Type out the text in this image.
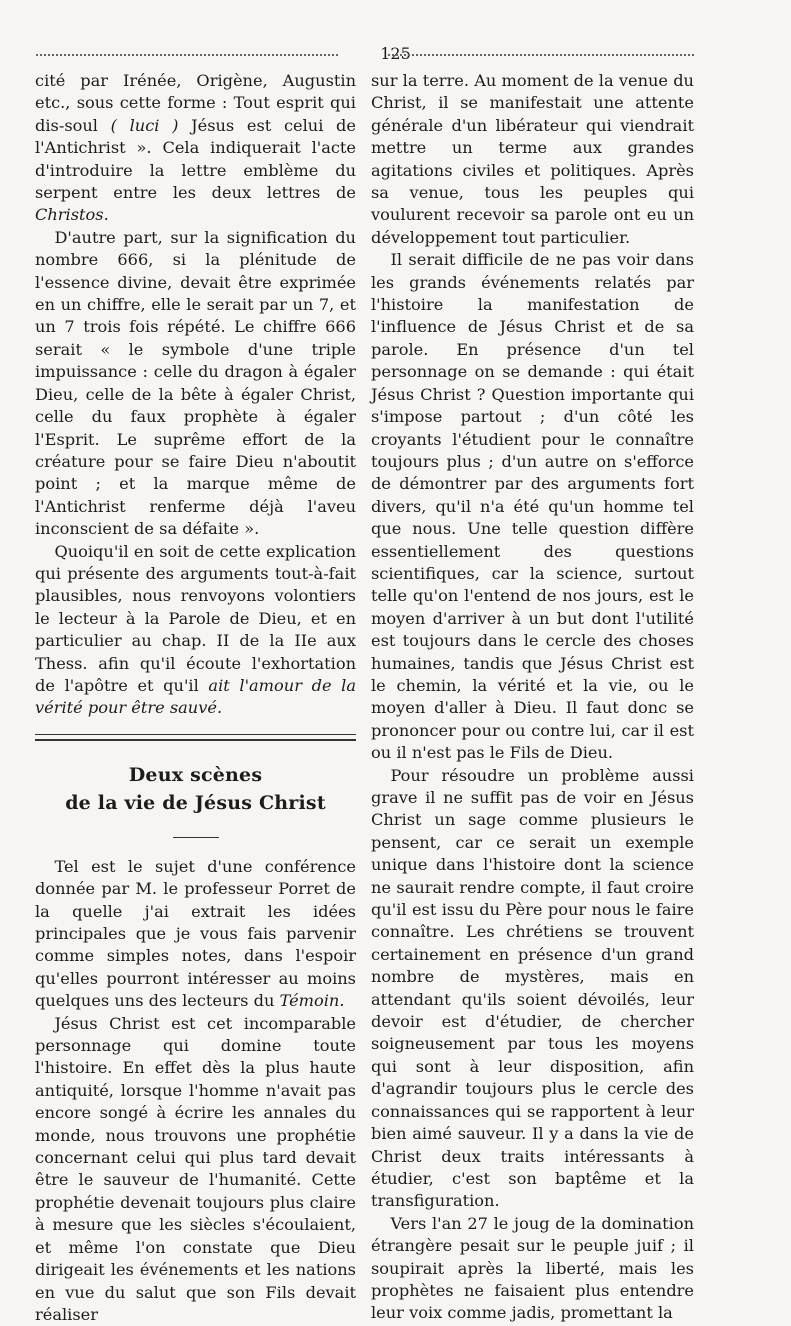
125

cité par Irénée, Origène, Augustin etc., sous cette forme : Tout esprit qui dis-soul ( luci ) Jésus est celui de l'Antichrist ». Cela indiquerait l'acte d'introduire la lettre emblème du serpent entre les deux lettres de Christos.

D'autre part, sur la signification du nombre 666, si la plénitude de l'essence divine, devait être exprimée en un chiffre, elle le serait par un 7, et un 7 trois fois répété. Le chiffre 666 serait « le symbole d'une triple impuissance : celle du dragon à égaler Dieu, celle de la bête à égaler Christ, celle du faux prophète à égaler l'Esprit. Le suprême effort de la créature pour se faire Dieu n'aboutit point ; et la marque même de l'Antichrist renferme déjà l'aveu inconscient de sa défaite ».

Quoiqu'il en soit de cette explication qui présente des arguments tout-à-fait plausibles, nous renvoyons volontiers le lecteur à la Parole de Dieu, et en particulier au chap. II de la IIe aux Thess. afin qu'il écoute l'exhortation de l'apôtre et qu'il ait l'amour de la vérité pour être sauvé.

Deux scènes
de la vie de Jésus Christ

Tel est le sujet d'une conférence donnée par M. le professeur Porret de la quelle j'ai extrait les idées principales que je vous fais parvenir comme simples notes, dans l'espoir qu'elles pourront intéresser au moins quelques uns des lecteurs du Témoin.

Jésus Christ est cet incomparable personnage qui domine toute l'histoire. En effet dès la plus haute antiquité, lorsque l'homme n'avait pas encore songé à écrire les annales du monde, nous trouvons une prophétie concernant celui qui plus tard devait être le sauveur de l'humanité. Cette prophétie devenait toujours plus claire à mesure que les siècles s'écoulaient, et même l'on constate que Dieu dirigeait les événements et les nations en vue du salut que son Fils devait réaliser

sur la terre. Au moment de la venue du Christ, il se manifestait une attente générale d'un libérateur qui viendrait mettre un terme aux grandes agitations civiles et politiques. Après sa venue, tous les peuples qui voulurent recevoir sa parole ont eu un développement tout particulier.

Il serait difficile de ne pas voir dans les grands événements relatés par l'histoire la manifestation de l'influence de Jésus Christ et de sa parole. En présence d'un tel personnage on se demande : qui était Jésus Christ ? Question importante qui s'impose partout ; d'un côté les croyants l'étudient pour le connaître toujours plus ; d'un autre on s'efforce de démontrer par des arguments fort divers, qu'il n'a été qu'un homme tel que nous. Une telle question diffère essentiellement des questions scientifiques, car la science, surtout telle qu'on l'entend de nos jours, est le moyen d'arriver à un but dont l'utilité est toujours dans le cercle des choses humaines, tandis que Jésus Christ est le chemin, la vérité et la vie, ou le moyen d'aller à Dieu. Il faut donc se prononcer pour ou contre lui, car il est ou il n'est pas le Fils de Dieu.

Pour résoudre un problème aussi grave il ne suffit pas de voir en Jésus Christ un sage comme plusieurs le pensent, car ce serait un exemple unique dans l'histoire dont la science ne saurait rendre compte, il faut croire qu'il est issu du Père pour nous le faire connaître. Les chrétiens se trouvent certainement en présence d'un grand nombre de mystères, mais en attendant qu'ils soient dévoilés, leur devoir est d'étudier, de chercher soigneusement par tous les moyens qui sont à leur disposition, afin d'agrandir toujours plus le cercle des connaissances qui se rapportent à leur bien aimé sauveur. Il y a dans la vie de Christ deux traits intéressants à étudier, c'est son baptême et la transfiguration.

Vers l'an 27 le joug de la domination étrangère pesait sur le peuple juif ; il soupirait après la liberté, mais les prophètes ne faisaient plus entendre leur voix comme jadis, promettant la
